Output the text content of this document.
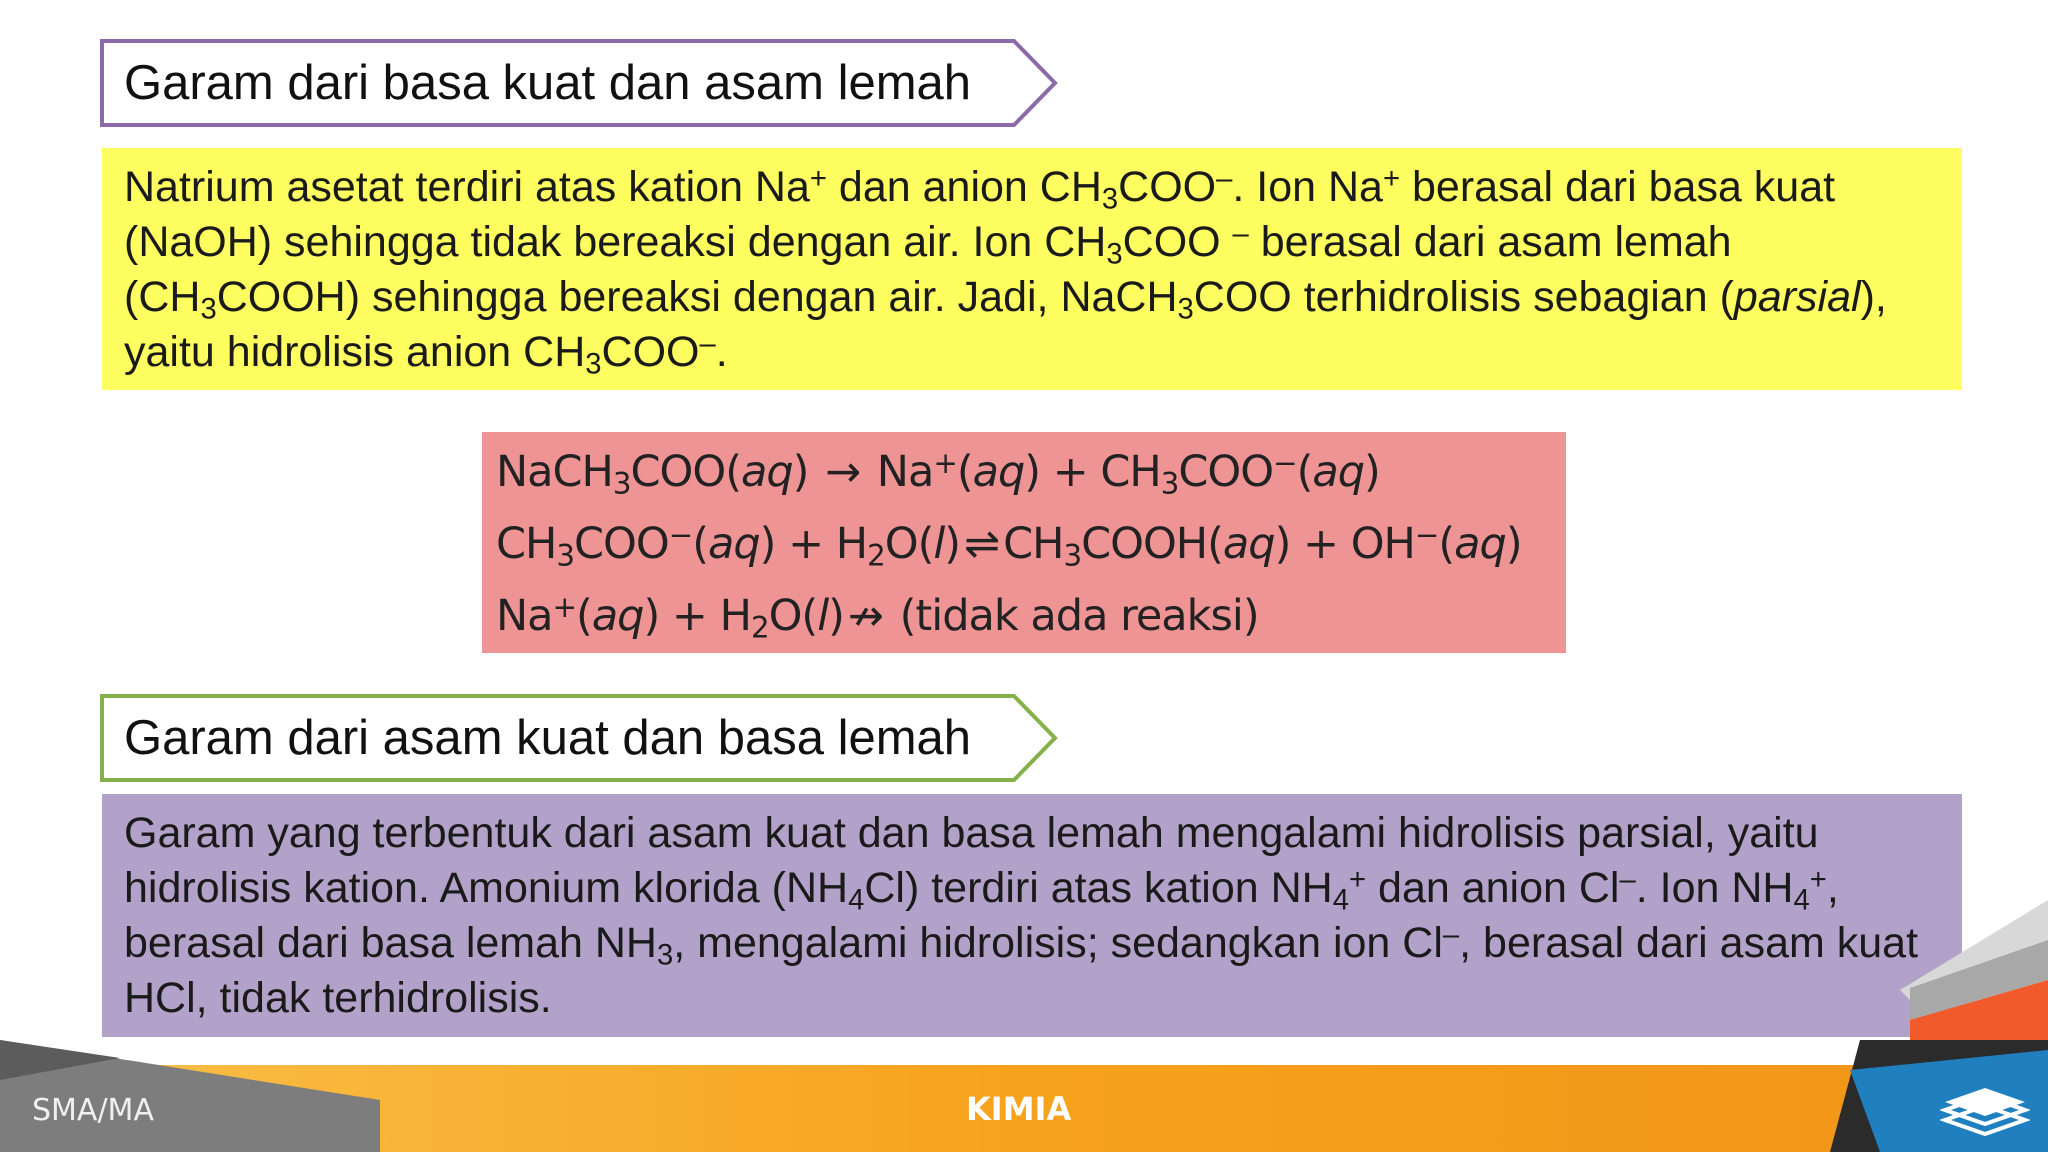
Garam dari basa kuat dan asam lemah

Natrium asetat terdiri atas kation Na+ dan anion $CH_3COO^-$. Ion Na+ berasal dari basa kuat (NaOH) sehingga tidak bereaksi dengan air. Ion $CH_3COO$ – berasal dari asam lemah $(CH_3COOH)$ sehingga bereaksi dengan air. Jadi, NaCH$_3$COO terhidrolisis sebagian (parsial), yaitu hidrolisis anion $CH_3COO^-$.

NaCH$_3$COO(aq) → $Na^+(aq) + CH_3COO^-(aq)$
$CH_3COO^-(aq)$ + $H_2O(l)\rightleftharpoons CH_3COOH(aq) + OH^-(aq)$
$Na^+(aq) + H_2O(l)↛$ (tidak ada reaksi)
Garam dari asam kuat dan basa lemah

Garam yang terbentuk dari asam kuat dan basa lemah mengalami hidrolisis parsial, yaitu hidrolisis kation. Amonium klorida $(NH_4Cl)$ terdiri atas kation $NH_4^+$ dan anion Cl–. Ion $NH_4^+$, berasal dari basa lemah $NH_3$, mengalami hidrolisis; sedangkan ion Cl–, berasal dari asam kuat HCl, tidak terhidrolisis.

SMA/MA	KIMIA
